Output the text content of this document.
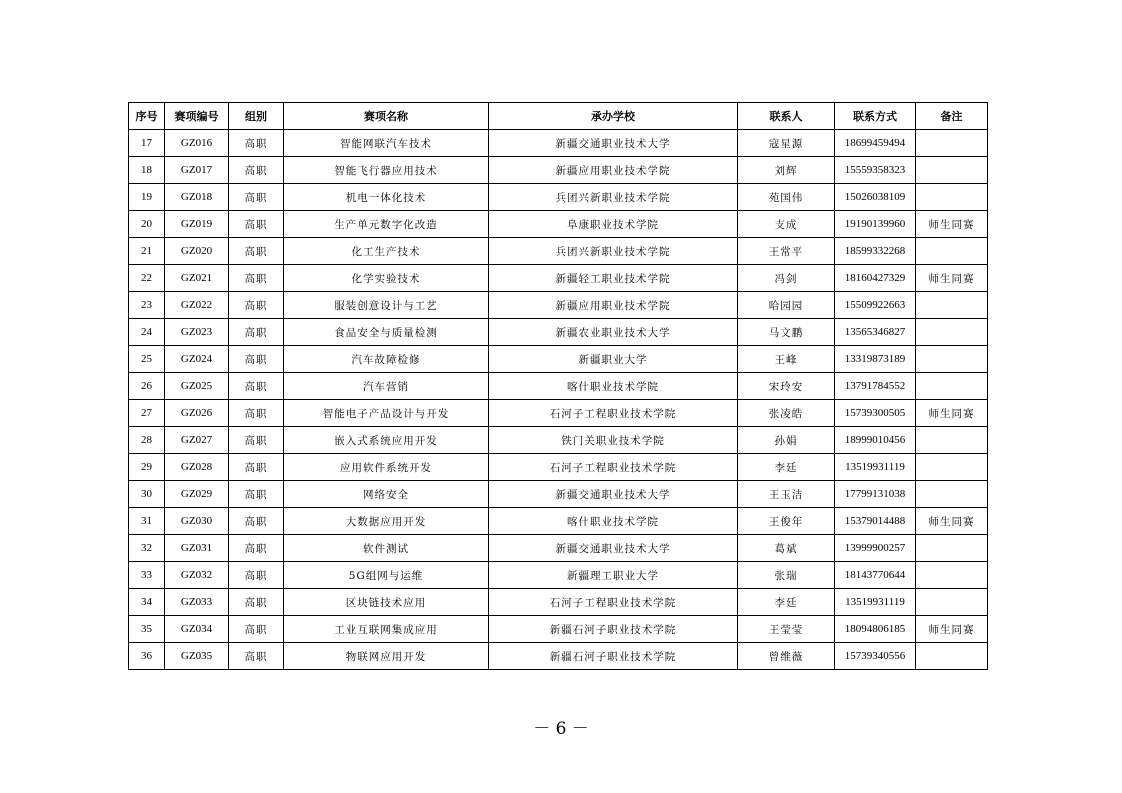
序号	赛项编号	组别	赛项名称	承办学校	联系人	联系方式	备注
17	GZ016	高职	智能网联汽车技术	新疆交通职业技术大学	寇星源	18699459494	
18	GZ017	高职	智能飞行器应用技术	新疆应用职业技术学院	刘辉	15559358323	
19	GZ018	高职	机电一体化技术	兵团兴新职业技术学院	苑国伟	15026038109	
20	GZ019	高职	生产单元数字化改造	阜康职业技术学院	支成	19190139960	师生同赛
21	GZ020	高职	化工生产技术	兵团兴新职业技术学院	王常平	18599332268	
22	GZ021	高职	化学实验技术	新疆轻工职业技术学院	冯剑	18160427329	师生同赛
23	GZ022	高职	服装创意设计与工艺	新疆应用职业技术学院	哈园园	15509922663	
24	GZ023	高职	食品安全与质量检测	新疆农业职业技术大学	马文鹏	13565346827	
25	GZ024	高职	汽车故障检修	新疆职业大学	王峰	13319873189	
26	GZ025	高职	汽车营销	喀什职业技术学院	宋玲安	13791784552	
27	GZ026	高职	智能电子产品设计与开发	石河子工程职业技术学院	张凌皓	15739300505	师生同赛
28	GZ027	高职	嵌入式系统应用开发	铁门关职业技术学院	孙娟	18999010456	
29	GZ028	高职	应用软件系统开发	石河子工程职业技术学院	李廷	13519931119	
30	GZ029	高职	网络安全	新疆交通职业技术大学	王玉洁	17799131038	
31	GZ030	高职	大数据应用开发	喀什职业技术学院	王俊年	15379014488	师生同赛
32	GZ031	高职	软件测试	新疆交通职业技术大学	葛斌	13999900257	
33	GZ032	高职	5G组网与运维	新疆理工职业大学	张瑞	18143770644	
34	GZ033	高职	区块链技术应用	石河子工程职业技术学院	李廷	13519931119	
35	GZ034	高职	工业互联网集成应用	新疆石河子职业技术学院	王莹莹	18094806185	师生同赛
36	GZ035	高职	物联网应用开发	新疆石河子职业技术学院	曾维薇	15739340556	
－ 6 －
